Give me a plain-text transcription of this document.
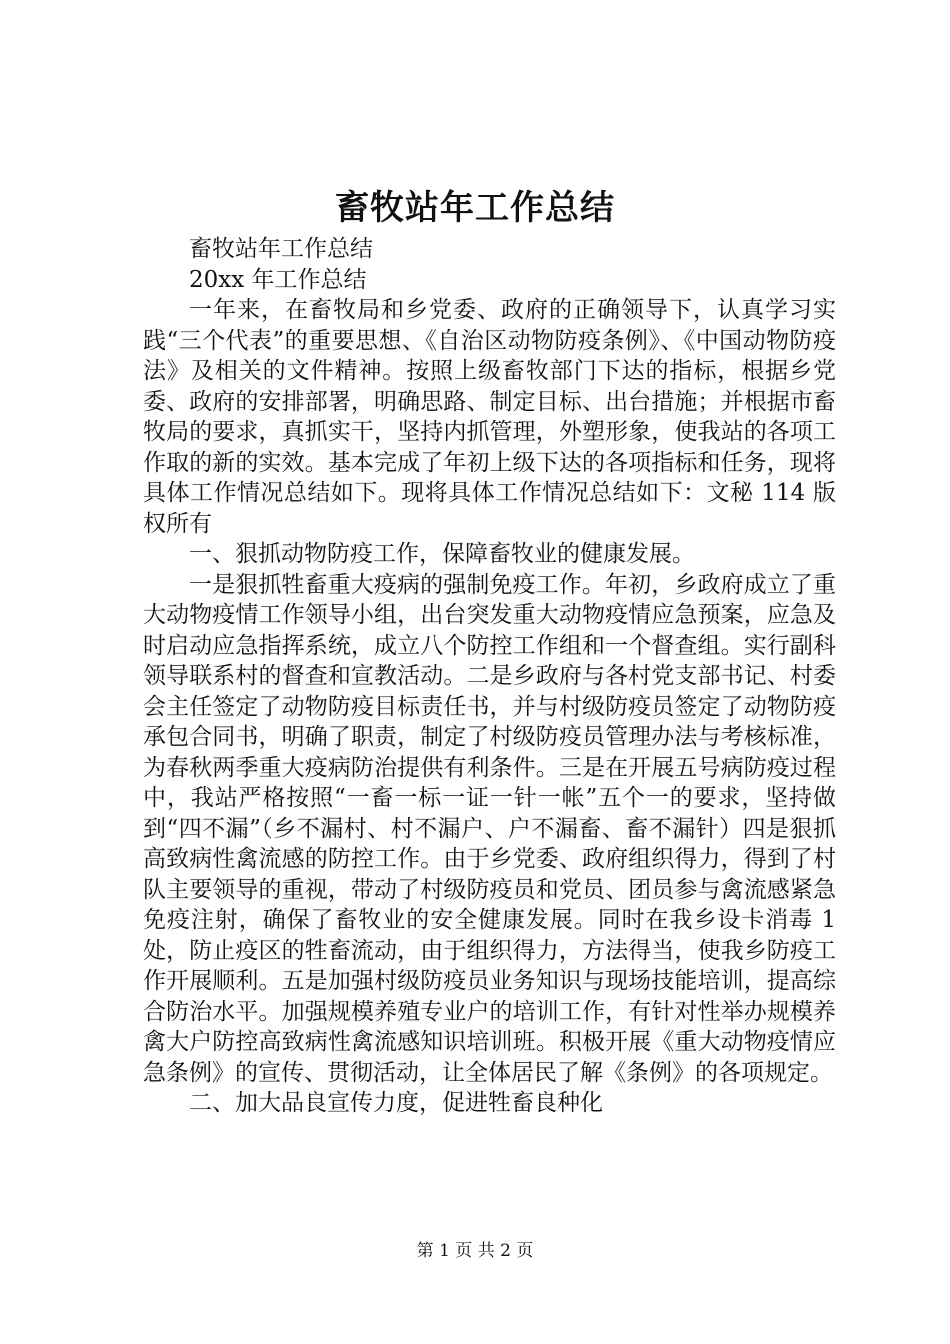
畜牧站年工作总结

畜牧站年工作总结

20xx 年工作总结

一年来，在畜牧局和乡党委、政府的正确领导下，认真学习实践“三个代表”的重要思想、《自治区动物防疫条例》、《中国动物防疫法》及相关的文件精神。按照上级畜牧部门下达的指标，根据乡党委、政府的安排部署，明确思路、制定目标、出台措施；并根据市畜牧局的要求，真抓实干，坚持内抓管理，外塑形象，使我站的各项工作取的新的实效。基本完成了年初上级下达的各项指标和任务，现将具体工作情况总结如下。现将具体工作情况总结如下：文秘 114 版权所有

一、狠抓动物防疫工作，保障畜牧业的健康发展。

一是狠抓牲畜重大疫病的强制免疫工作。年初，乡政府成立了重大动物疫情工作领导小组，出台突发重大动物疫情应急预案，应急及时启动应急指挥系统，成立八个防控工作组和一个督查组。实行副科领导联系村的督查和宣教活动。二是乡政府与各村党支部书记、村委会主任签定了动物防疫目标责任书，并与村级防疫员签定了动物防疫承包合同书，明确了职责，制定了村级防疫员管理办法与考核标准，为春秋两季重大疫病防治提供有利条件。三是在开展五号病防疫过程中，我站严格按照“一畜一标一证一针一帐”五个一的要求，坚持做到“四不漏”（乡不漏村、村不漏户、户不漏畜、畜不漏针）四是狠抓高致病性禽流感的防控工作。由于乡党委、政府组织得力，得到了村队主要领导的重视，带动了村级防疫员和党员、团员参与禽流感紧急免疫注射，确保了畜牧业的安全健康发展。同时在我乡设卡消毒 1 处，防止疫区的牲畜流动，由于组织得力，方法得当，使我乡防疫工作开展顺利。五是加强村级防疫员业务知识与现场技能培训，提高综合防治水平。加强规模养殖专业户的培训工作，有针对性举办规模养禽大户防控高致病性禽流感知识培训班。积极开展《重大动物疫情应急条例》的宣传、贯彻活动，让全体居民了解《条例》的各项规定。

二、加大品良宣传力度，促进牲畜良种化

第 1 页 共 2 页
